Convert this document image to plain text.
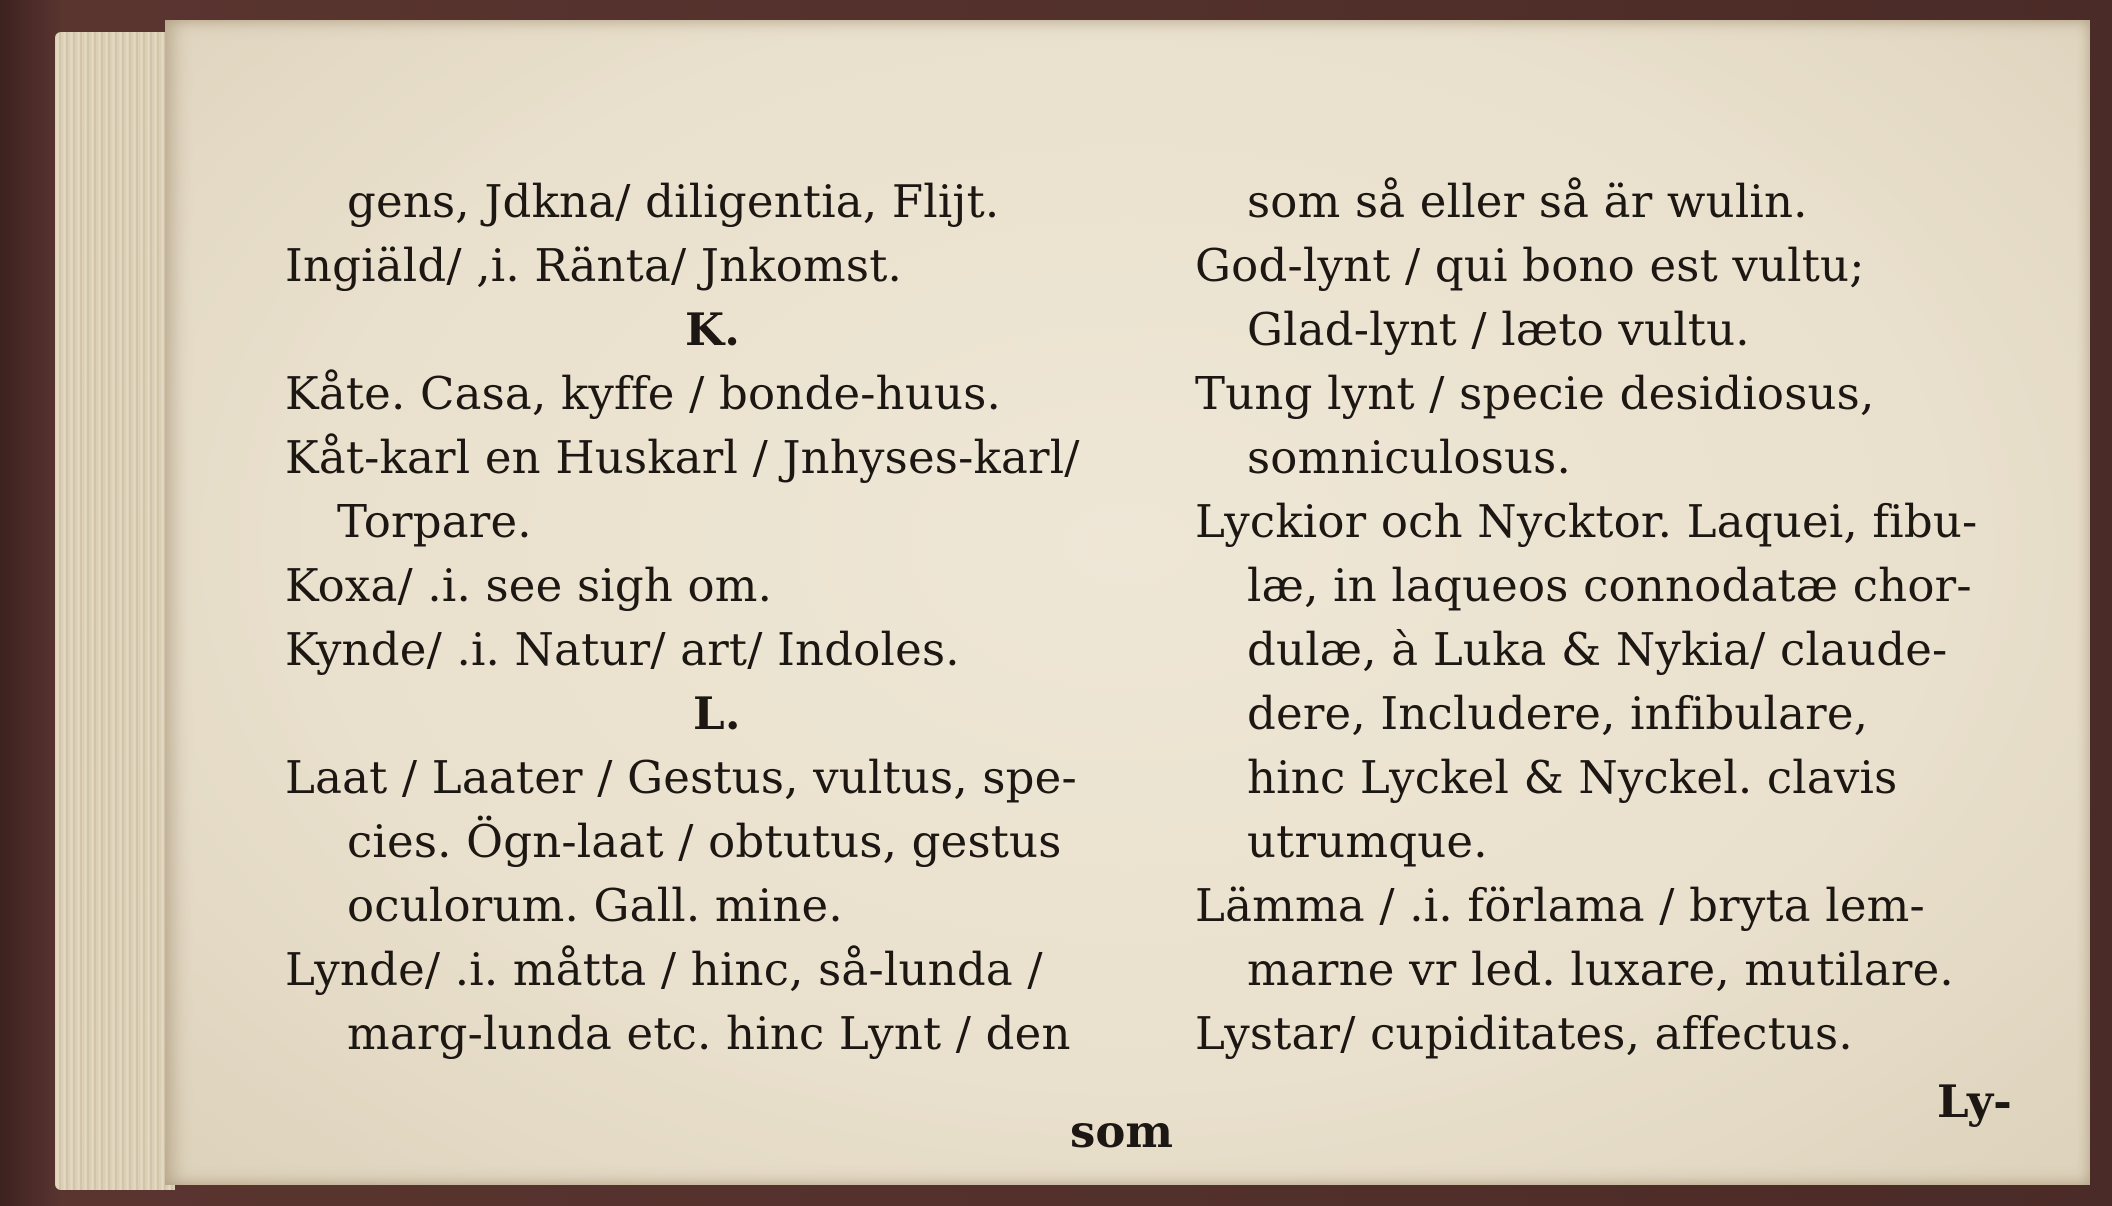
gens, Jdkna/ diligentia, Flijt.
Ingiäld/ ,i. Ränta/ Jnkomst.
K.
Kåte. Casa, kyffe / bonde-huus.
Kåt-karl en Huskarl / Jnhyses-karl/
Torpare.
Koxa/ .i. see sigh om.
Kynde/ .i. Natur/ art/ Indoles.
L.
Laat / Laater / Gestus, vultus, spe-
cies. Ögn-laat / obtutus, gestus
oculorum. Gall. mine.
Lynde/ .i. måtta / hinc, så-lunda /
marg-lunda etc. hinc Lynt / den
som
som så eller så är wulin.
God-lynt / qui bono est vultu;
Glad-lynt / læto vultu.
Tung lynt / specie desidiosus,
somniculosus.
Lyckior och Nycktor. Laquei, fibu-
læ, in laqueos connodatæ chor-
dulæ, à Luka & Nykia/ claude-
dere, Includere, infibulare,
hinc Lyckel & Nyckel. clavis
utrumque.
Lämma / .i. förlama / bryta lem-
marne vr led. luxare, mutilare.
Lystar/ cupiditates, affectus.
Ly-
